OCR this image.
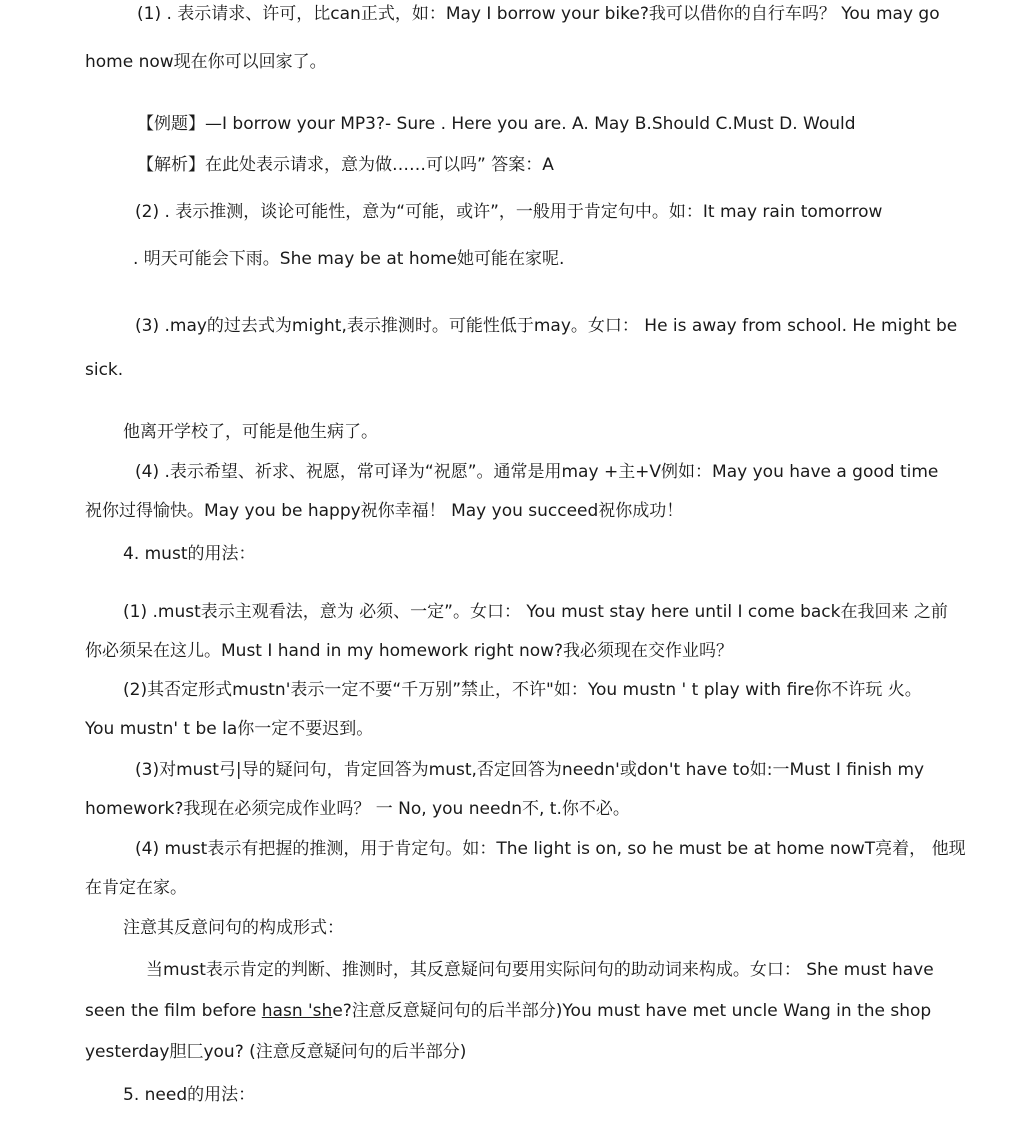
(1) . 表示请求、许可，比can正式，如：May I borrow your bike?我可以借你的自行车吗？ You may go

home now现在你可以回家了。

【例题】—I borrow your MP3?- Sure . Here you are. A. May B.Should C.Must D. Would

【解析】在此处表示请求，意为做……可以吗” 答案：A

(2) . 表示推测，谈论可能性，意为“可能，或许”，一般用于肯定句中。如：It may rain tomorrow

. 明天可能会下雨。She may be at home她可能在家呢.

(3) .may的过去式为might,表示推测时。可能性低于may。女口： He is away from school. He might be

sick.

他离开学校了，可能是他生病了。

(4) .表示希望、祈求、祝愿，常可译为“祝愿”。通常是用may +主+V例如：May you have a good time

祝你过得愉快。May you be happy祝你幸福！ May you succeed祝你成功！

4. must的用法：

(1) .must表示主观看法，意为 必须、一定”。女口： You must stay here until I come back在我回来 之前

你必须呆在这儿。Must I hand in my homework right now?我必须现在交作业吗？

(2)其否定形式mustn'表示一定不要“千万别”禁止，不许"如：You mustn ' t play with fire你不许玩 火。

You mustn' t be la你一定不要迟到。

(3)对must弓|导的疑问句，肯定回答为must,否定回答为needn'或don't have to如:一Must I finish my

homework?我现在必须完成作业吗？ 一 No, you needn不, t.你不必。

(4) must表示有把握的推测，用于肯定句。如：The light is on, so he must be at home nowT亮着， 他现

在肯定在家。

注意其反意问句的构成形式：

当must表示肯定的判断、推测时，其反意疑问句要用实际问句的助动词来构成。女口： She must have

seen the film before hasn 'she?注意反意疑问句的后半部分)You must have met uncle Wang in the shop

yesterday胆匚you? (注意反意疑问句的后半部分)

5. need的用法：
